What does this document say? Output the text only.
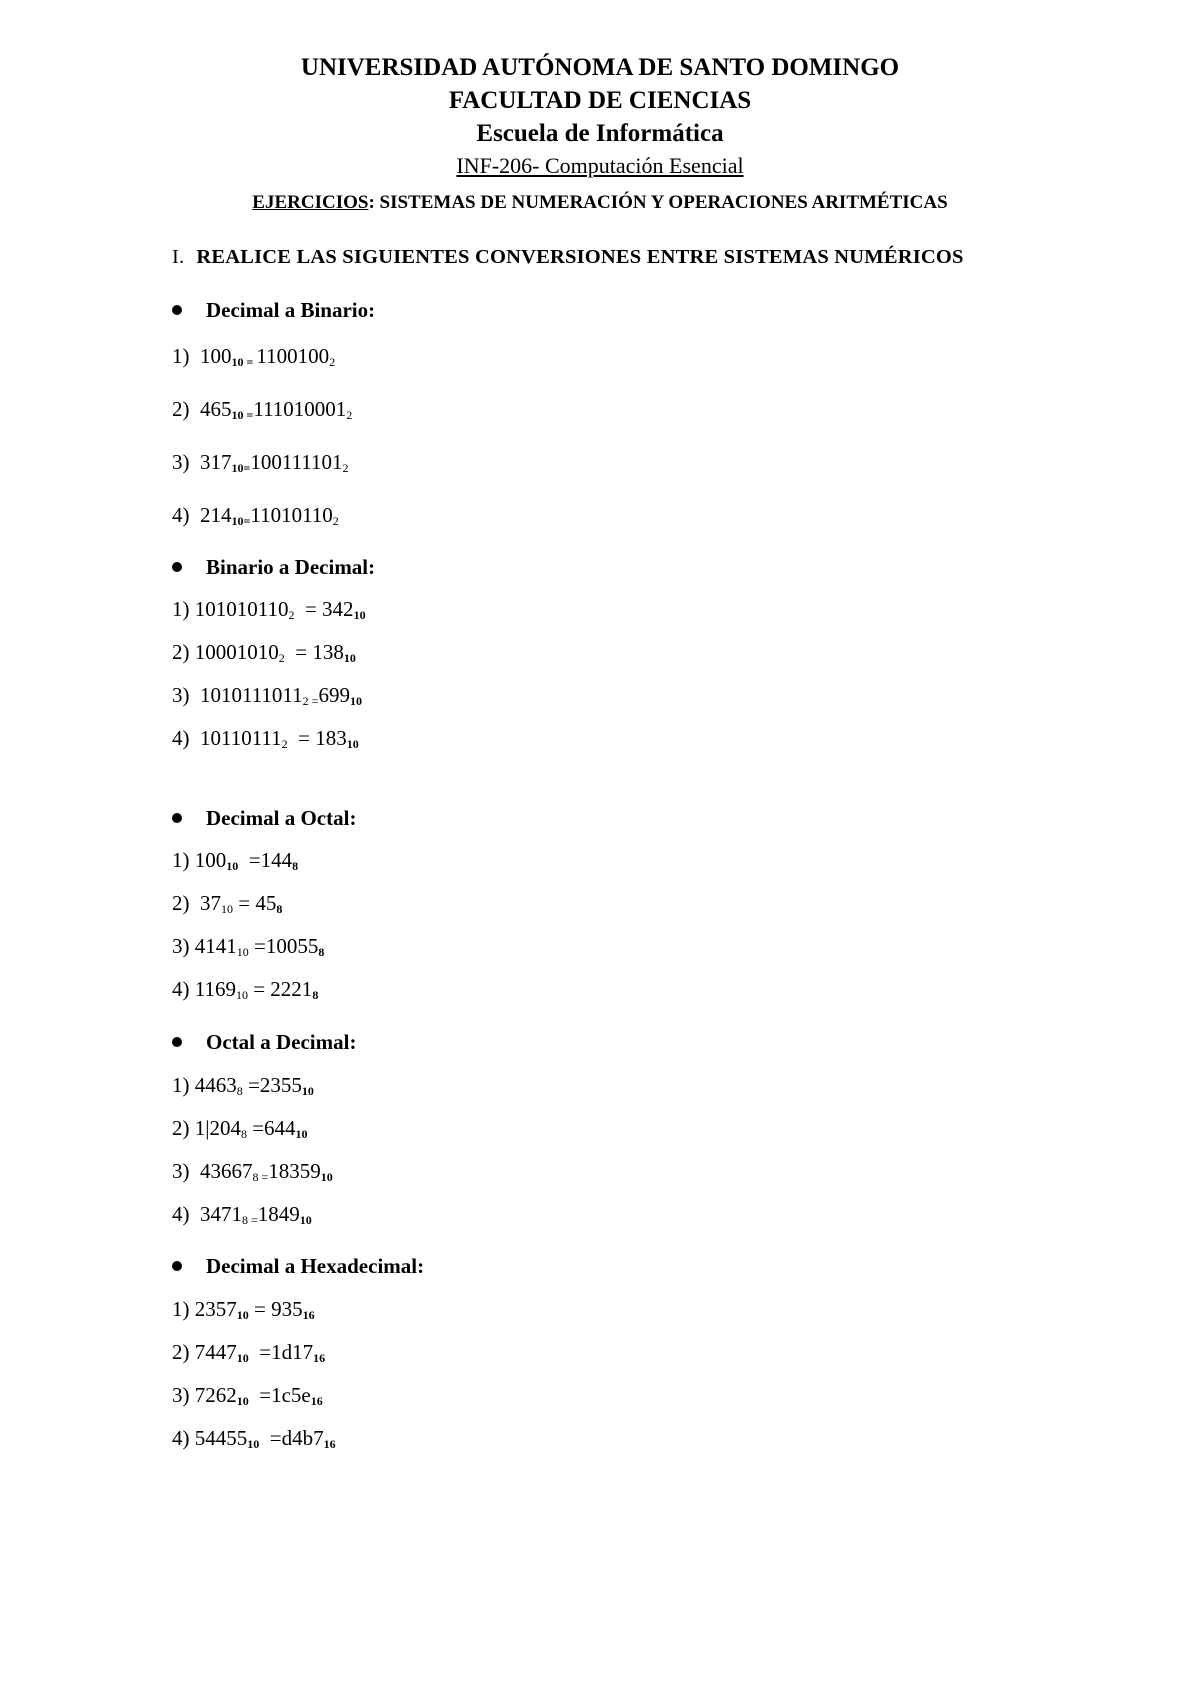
UNIVERSIDAD AUTÓNOMA DE SANTO DOMINGO
FACULTAD DE CIENCIAS
Escuela de Informática
INF-206- Computación Esencial
EJERCICIOS: SISTEMAS DE NUMERACIÓN Y OPERACIONES ARITMÉTICAS
I. REALICE LAS SIGUIENTES CONVERSIONES ENTRE SISTEMAS NUMÉRICOS
Decimal a Binario:
1)  $100_{10 =}$ $1100100_2$
2)  $465_{10 =}111010001_2$
3)  $317_{10=}100111101_2$
4)  $214_{10=}11010110_2$
Binario a Decimal:
1) $101010110_2 = 342_{10}$
2) $10001010_2 = 138_{10}$
3)  $1010111011_{2 =}699_{10}$
4)  $10110111_2 = 183_{10}$
Decimal a Octal:
1) $100_{10} =144_8$
2)  $37_{10} = 45_8$
3) $4141_{10} =10055_8$
4) $1169_{10} = 2221_8$
Octal a Decimal:
1) $4463_8 =2355_{10}$
2) $1|204_8 =644_{10}$
3)  $43667_{8 =}18359_{10}$
4)  $3471_{8 =}1849_{10}$
Decimal a Hexadecimal:
1) $2357_{10} = 935_{16}$
2) $7447_{10} =1d17_{16}$
3) $7262_{10} =1c5e_{16}$
4) $54455_{10} =d4b7_{16}$
